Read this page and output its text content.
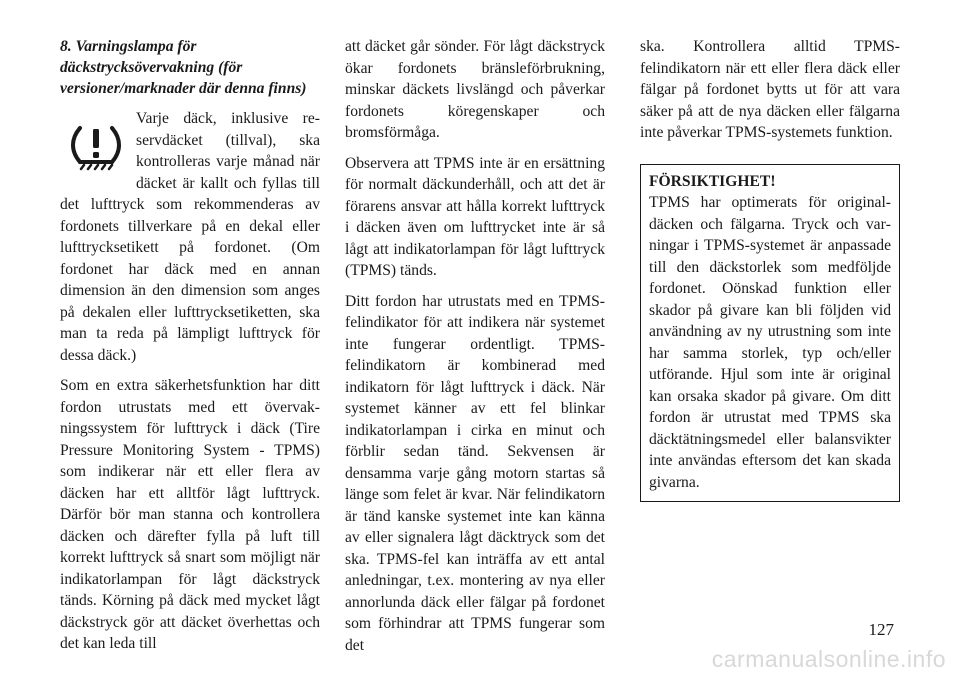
8. Varningslampa för däckstrycksövervakning (för versioner/marknader där denna finns)

Varje däck, inklusive reservdäcket (tillval), ska kontrolleras varje månad när däcket är kallt och fyllas till det lufttryck som rekommenderas av fordonets tillverkare på en dekal eller lufttrycksetikett på fordonet. (Om fordonet har däck med en annan dimension än den dimension som anges på dekalen eller lufttrycksetiketten, ska man ta reda på lämpligt lufttryck för dessa däck.)

Som en extra säkerhetsfunktion har ditt fordon utrustats med ett övervakningssystem för lufttryck i däck (Tire Pressure Monitoring System - TPMS) som indikerar när ett eller flera av däcken har ett alltför lågt lufttryck. Därför bör man stanna och kontrollera däcken och därefter fylla på luft till korrekt lufttryck så snart som möjligt när indikatorlampan för lågt däckstryck tänds. Körning på däck med mycket lågt däckstryck gör att däcket överhettas och det kan leda till

att däcket går sönder. För lågt däckstryck ökar fordonets bränsleförbrukning, minskar däckets livslängd och påverkar fordonets köregenskaper och bromsförmåga.

Observera att TPMS inte är en ersättning för normalt däckunderhåll, och att det är förarens ansvar att hålla korrekt lufttryck i däcken även om lufttrycket inte är så lågt att indikatorlampan för lågt lufttryck (TPMS) tänds.

Ditt fordon har utrustats med en TPMS-felindikator för att indikera när systemet inte fungerar ordentligt. TPMS-felindikatorn är kombinerad med indikatorn för lågt lufttryck i däck. När systemet känner av ett fel blinkar indikatorlampan i cirka en minut och förblir sedan tänd. Sekvensen är densamma varje gång motorn startas så länge som felet är kvar. När felindikatorn är tänd kanske systemet inte kan känna av eller signalera lågt däcktryck som det ska. TPMS-fel kan inträffa av ett antal anledningar, t.ex. montering av nya eller annorlunda däck eller fälgar på fordonet som förhindrar att TPMS fungerar som det

ska. Kontrollera alltid TPMS-felindikatorn när ett eller flera däck eller fälgar på fordonet bytts ut för att vara säker på att de nya däcken eller fälgarna inte påverkar TPMS-systemets funktion.

FÖRSIKTIGHET!
TPMS har optimerats för originaldäcken och fälgarna. Tryck och varningar i TPMS-systemet är anpassade till den däckstorlek som medföljde fordonet. Oönskad funktion eller skador på givare kan bli följden vid användning av ny utrustning som inte har samma storlek, typ och/eller utförande. Hjul som inte är original kan orsaka skador på givare. Om ditt fordon är utrustat med TPMS ska däcktätningsmedel eller balansvikter inte användas eftersom det kan skada givarna.
127
carmanualsonline.info
